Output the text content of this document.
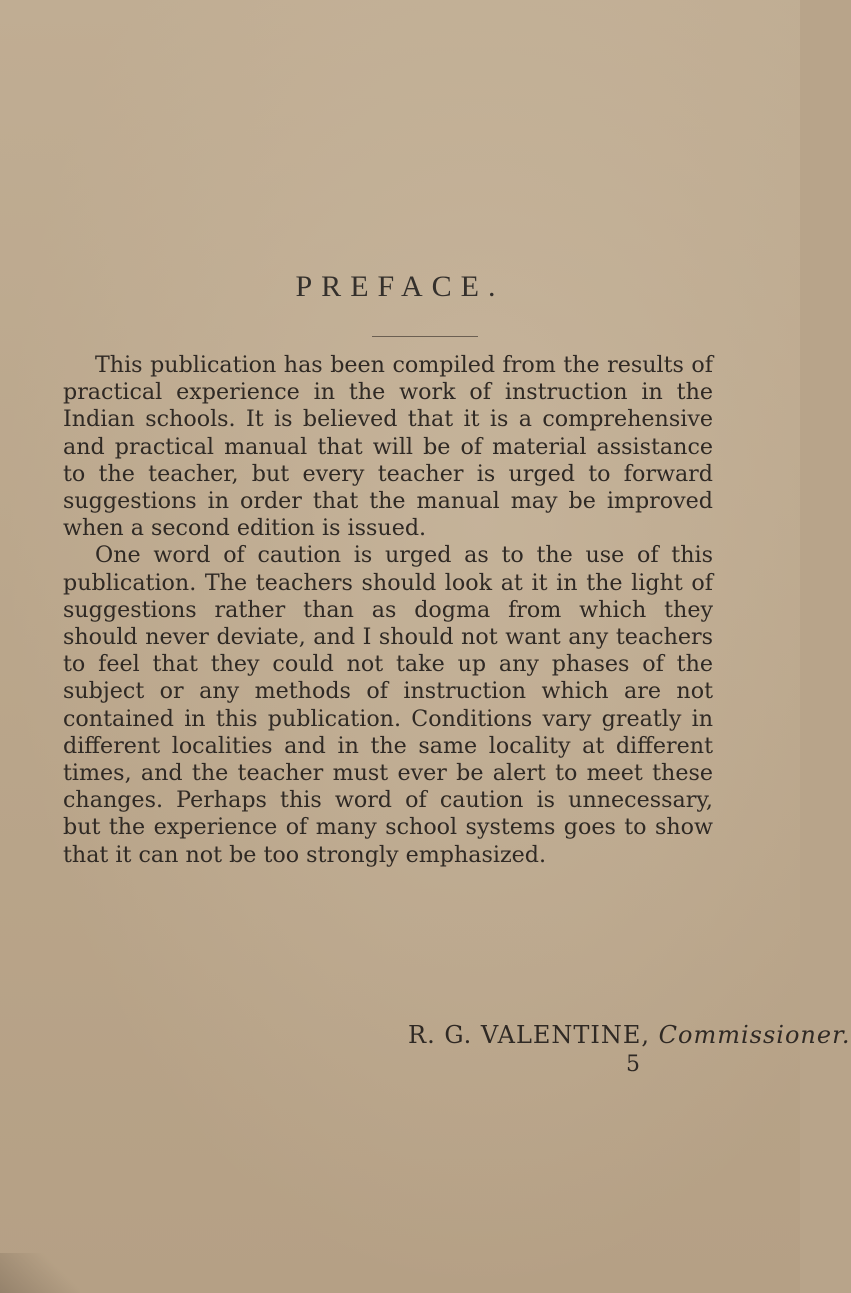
PREFACE.

This publication has been compiled from the results of practical experience in the work of instruction in the Indian schools. It is believed that it is a comprehensive and practical manual that will be of material assistance to the teacher, but every teacher is urged to forward suggestions in order that the manual may be improved when a second edition is issued.

One word of caution is urged as to the use of this publication. The teachers should look at it in the light of suggestions rather than as dogma from which they should never deviate, and I should not want any teachers to feel that they could not take up any phases of the subject or any methods of instruction which are not contained in this publication. Conditions vary greatly in different localities and in the same locality at different times, and the teacher must ever be alert to meet these changes. Perhaps this word of caution is unnecessary, but the experience of many school systems goes to show that it can not be too strongly emphasized.

R. G. VALENTINE, Commissioner.
5
